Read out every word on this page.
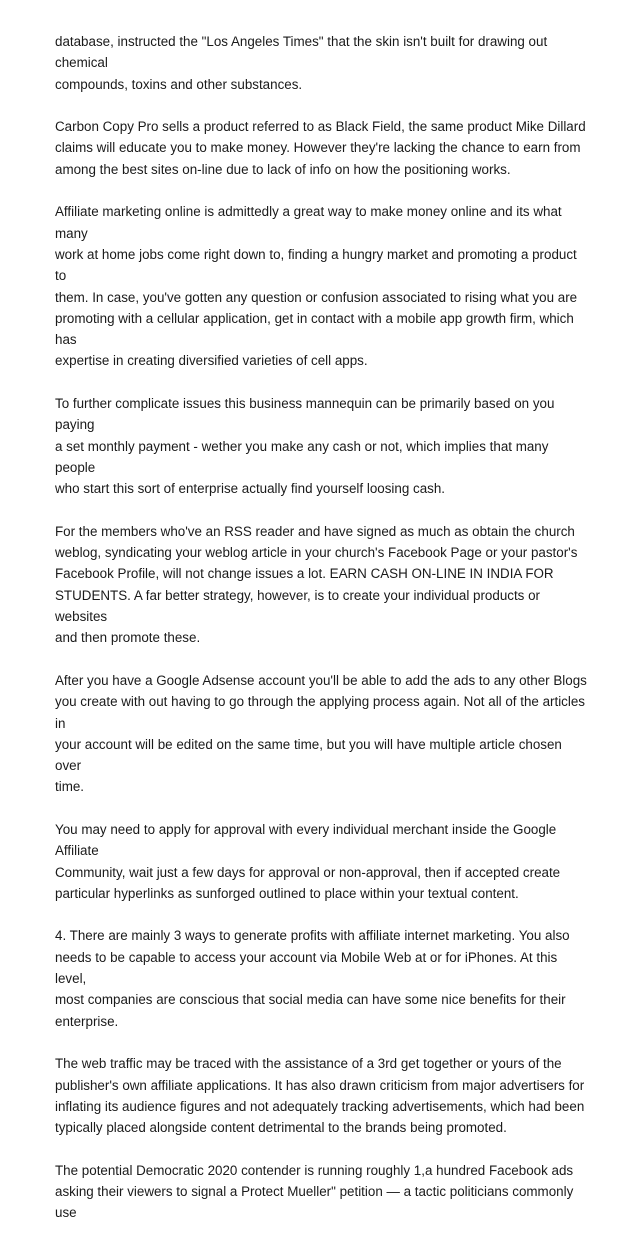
database, instructed the "Los Angeles Times" that the skin isn't built for drawing out chemical
compounds, toxins and other substances.

Carbon Copy Pro sells a product referred to as Black Field, the same product Mike Dillard
claims will educate you to make money. However they're lacking the chance to earn from
among the best sites on-line due to lack of info on how the positioning works.

Affiliate marketing online is admittedly a great way to make money online and its what many
work at home jobs come right down to, finding a hungry market and promoting a product to
them. In case, you've gotten any question or confusion associated to rising what you are
promoting with a cellular application, get in contact with a mobile app growth firm, which has
expertise in creating diversified varieties of cell apps.

To further complicate issues this business mannequin can be primarily based on you paying
a set monthly payment - wether you make any cash or not, which implies that many people
who start this sort of enterprise actually find yourself loosing cash.

For the members who've an RSS reader and have signed as much as obtain the church
weblog, syndicating your weblog article in your church's Facebook Page or your pastor's
Facebook Profile, will not change issues a lot. EARN CASH ON-LINE IN INDIA FOR
STUDENTS. A far better strategy, however, is to create your individual products or websites
and then promote these.

After you have a Google Adsense account you'll be able to add the ads to any other Blogs
you create with out having to go through the applying process again. Not all of the articles in
your account will be edited on the same time, but you will have multiple article chosen over
time.

You may need to apply for approval with every individual merchant inside the Google Affiliate
Community, wait just a few days for approval or non-approval, then if accepted create
particular hyperlinks as sunforged outlined to place within your textual content.

4. There are mainly 3 ways to generate profits with affiliate internet marketing. You also
needs to be capable to access your account via Mobile Web at or for iPhones. At this level,
most companies are conscious that social media can have some nice benefits for their
enterprise.

The web traffic may be traced with the assistance of a 3rd get together or yours of the
publisher's own affiliate applications. It has also drawn criticism from major advertisers for
inflating its audience figures and not adequately tracking advertisements, which had been
typically placed alongside content detrimental to the brands being promoted.

The potential Democratic 2020 contender is running roughly 1,a hundred Facebook ads
asking their viewers to signal a Protect Mueller" petition — a tactic politicians commonly use
